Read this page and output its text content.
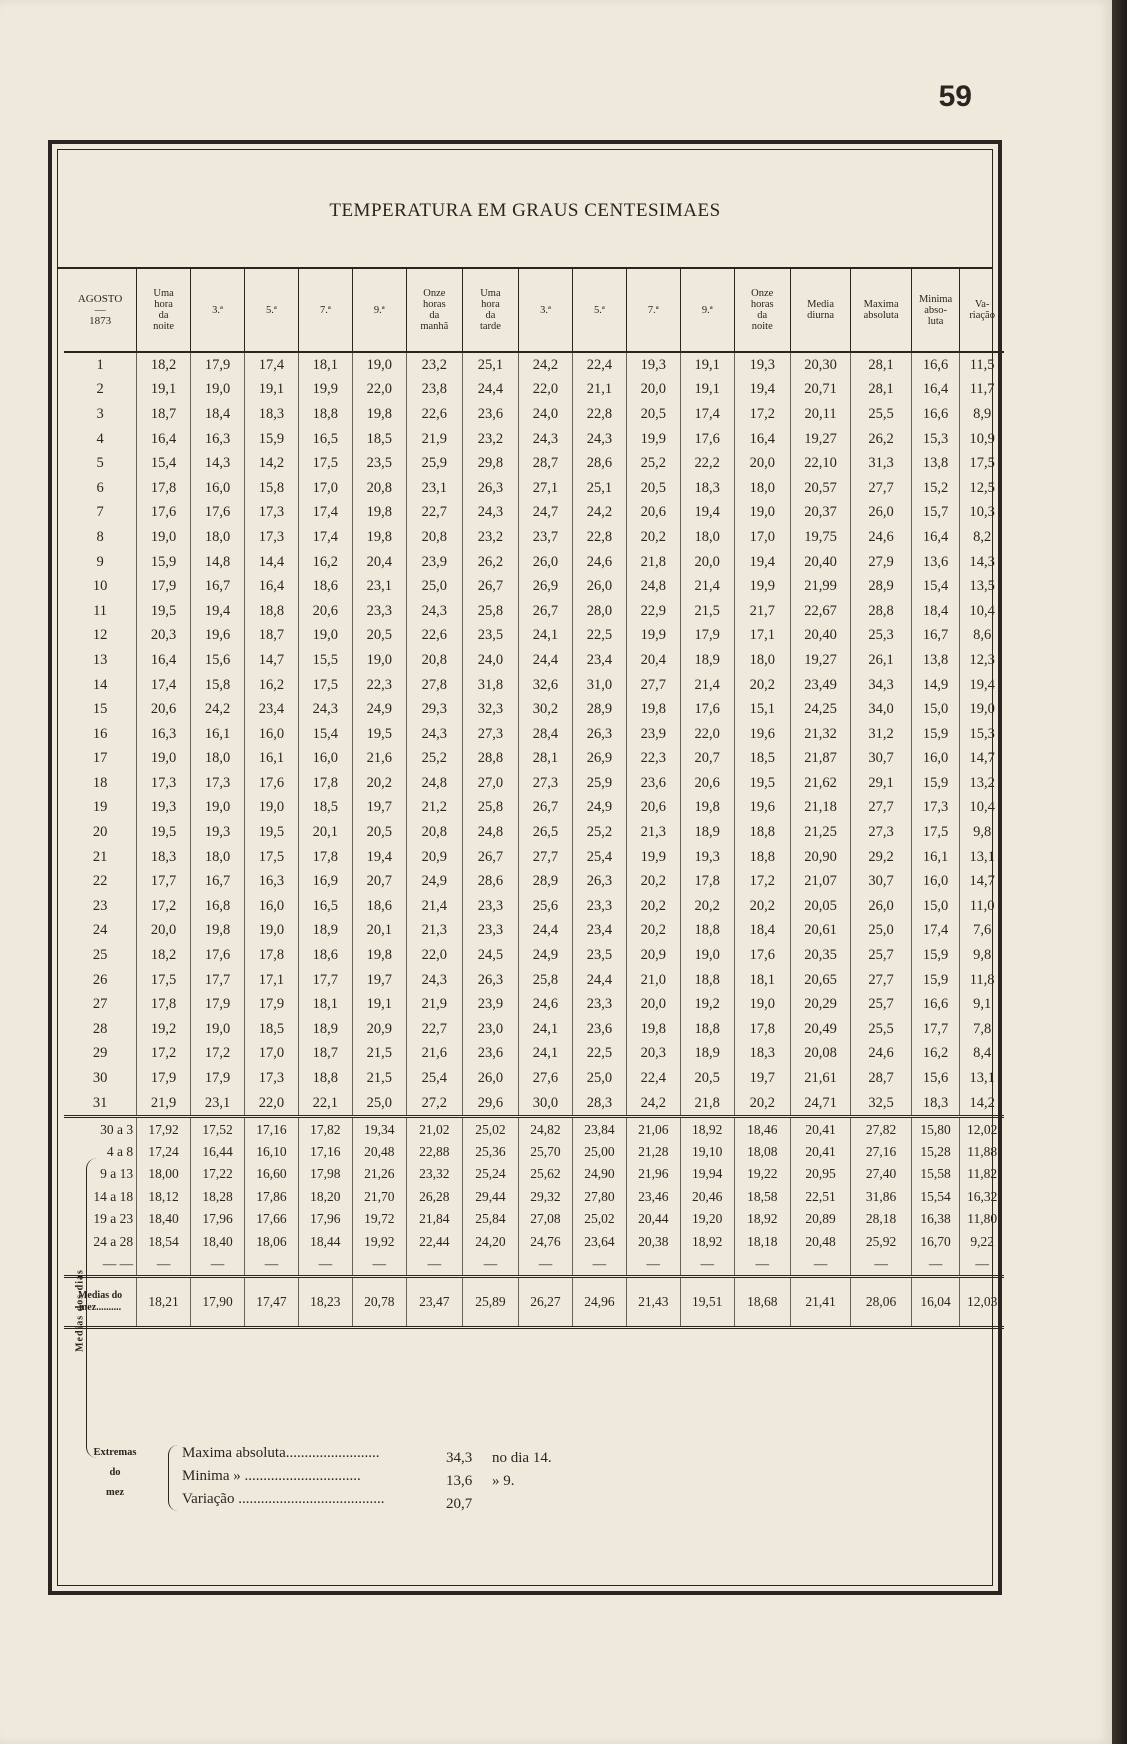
59
TEMPERATURA EM GRAUS CENTESIMAES
AGOSTO
—
1873	Uma
hora
da
noite	3.ª	5.ª	7.ª	9.ª	Onze
horas
da
manhã	Uma
hora
da
tarde	3.ª	5.ª	7.ª	9.ª	Onze
horas
da
noite	Media
diurna	Maxima
absoluta	Minima
abso-
luta	Va-
riação
1	18,2	17,9	17,4	18,1	19,0	23,2	25,1	24,2	22,4	19,3	19,1	19,3	20,30	28,1	16,6	11,5
2	19,1	19,0	19,1	19,9	22,0	23,8	24,4	22,0	21,1	20,0	19,1	19,4	20,71	28,1	16,4	11,7
3	18,7	18,4	18,3	18,8	19,8	22,6	23,6	24,0	22,8	20,5	17,4	17,2	20,11	25,5	16,6	8,9
4	16,4	16,3	15,9	16,5	18,5	21,9	23,2	24,3	24,3	19,9	17,6	16,4	19,27	26,2	15,3	10,9
5	15,4	14,3	14,2	17,5	23,5	25,9	29,8	28,7	28,6	25,2	22,2	20,0	22,10	31,3	13,8	17,5
6	17,8	16,0	15,8	17,0	20,8	23,1	26,3	27,1	25,1	20,5	18,3	18,0	20,57	27,7	15,2	12,5
7	17,6	17,6	17,3	17,4	19,8	22,7	24,3	24,7	24,2	20,6	19,4	19,0	20,37	26,0	15,7	10,3
8	19,0	18,0	17,3	17,4	19,8	20,8	23,2	23,7	22,8	20,2	18,0	17,0	19,75	24,6	16,4	8,2
9	15,9	14,8	14,4	16,2	20,4	23,9	26,2	26,0	24,6	21,8	20,0	19,4	20,40	27,9	13,6	14,3
10	17,9	16,7	16,4	18,6	23,1	25,0	26,7	26,9	26,0	24,8	21,4	19,9	21,99	28,9	15,4	13,5
11	19,5	19,4	18,8	20,6	23,3	24,3	25,8	26,7	28,0	22,9	21,5	21,7	22,67	28,8	18,4	10,4
12	20,3	19,6	18,7	19,0	20,5	22,6	23,5	24,1	22,5	19,9	17,9	17,1	20,40	25,3	16,7	8,6
13	16,4	15,6	14,7	15,5	19,0	20,8	24,0	24,4	23,4	20,4	18,9	18,0	19,27	26,1	13,8	12,3
14	17,4	15,8	16,2	17,5	22,3	27,8	31,8	32,6	31,0	27,7	21,4	20,2	23,49	34,3	14,9	19,4
15	20,6	24,2	23,4	24,3	24,9	29,3	32,3	30,2	28,9	19,8	17,6	15,1	24,25	34,0	15,0	19,0
16	16,3	16,1	16,0	15,4	19,5	24,3	27,3	28,4	26,3	23,9	22,0	19,6	21,32	31,2	15,9	15,3
17	19,0	18,0	16,1	16,0	21,6	25,2	28,8	28,1	26,9	22,3	20,7	18,5	21,87	30,7	16,0	14,7
18	17,3	17,3	17,6	17,8	20,2	24,8	27,0	27,3	25,9	23,6	20,6	19,5	21,62	29,1	15,9	13,2
19	19,3	19,0	19,0	18,5	19,7	21,2	25,8	26,7	24,9	20,6	19,8	19,6	21,18	27,7	17,3	10,4
20	19,5	19,3	19,5	20,1	20,5	20,8	24,8	26,5	25,2	21,3	18,9	18,8	21,25	27,3	17,5	9,8
21	18,3	18,0	17,5	17,8	19,4	20,9	26,7	27,7	25,4	19,9	19,3	18,8	20,90	29,2	16,1	13,1
22	17,7	16,7	16,3	16,9	20,7	24,9	28,6	28,9	26,3	20,2	17,8	17,2	21,07	30,7	16,0	14,7
23	17,2	16,8	16,0	16,5	18,6	21,4	23,3	25,6	23,3	20,2	20,2	20,2	20,05	26,0	15,0	11,0
24	20,0	19,8	19,0	18,9	20,1	21,3	23,3	24,4	23,4	20,2	18,8	18,4	20,61	25,0	17,4	7,6
25	18,2	17,6	17,8	18,6	19,8	22,0	24,5	24,9	23,5	20,9	19,0	17,6	20,35	25,7	15,9	9,8
26	17,5	17,7	17,1	17,7	19,7	24,3	26,3	25,8	24,4	21,0	18,8	18,1	20,65	27,7	15,9	11,8
27	17,8	17,9	17,9	18,1	19,1	21,9	23,9	24,6	23,3	20,0	19,2	19,0	20,29	25,7	16,6	9,1
28	19,2	19,0	18,5	18,9	20,9	22,7	23,0	24,1	23,6	19,8	18,8	17,8	20,49	25,5	17,7	7,8
29	17,2	17,2	17,0	18,7	21,5	21,6	23,6	24,1	22,5	20,3	18,9	18,3	20,08	24,6	16,2	8,4
30	17,9	17,9	17,3	18,8	21,5	25,4	26,0	27,6	25,0	22,4	20,5	19,7	21,61	28,7	15,6	13,1
31	21,9	23,1	22,0	22,1	25,0	27,2	29,6	30,0	28,3	24,2	21,8	20,2	24,71	32,5	18,3	14,2
30 a 3	17,92	17,52	17,16	17,82	19,34	21,02	25,02	24,82	23,84	21,06	18,92	18,46	20,41	27,82	15,80	12,02
4 a 8	17,24	16,44	16,10	17,16	20,48	22,88	25,36	25,70	25,00	21,28	19,10	18,08	20,41	27,16	15,28	11,88
9 a 13	18,00	17,22	16,60	17,98	21,26	23,32	25,24	25,62	24,90	21,96	19,94	19,22	20,95	27,40	15,58	11,82
14 a 18	18,12	18,28	17,86	18,20	21,70	26,28	29,44	29,32	27,80	23,46	20,46	18,58	22,51	31,86	15,54	16,32
19 a 23	18,40	17,96	17,66	17,96	19,72	21,84	25,84	27,08	25,02	20,44	19,20	18,92	20,89	28,18	16,38	11,80
24 a 28	18,54	18,40	18,06	18,44	19,92	22,44	24,20	24,76	23,64	20,38	18,92	18,18	20,48	25,92	16,70	9,22
— —	—	—	—	—	—	—	—	—	—	—	—	—	—	—	—	—

Medias do mez..........	18,21	17,90	17,47	18,23	20,78	23,47	25,89	26,27	24,96	21,43	19,51	18,68	21,41	28,06	16,04	12,03
Medias dos dias
Extremas
do
mez
Maxima absoluta.........................	34,3 no dia 14.
Minima » ...............................	13,6 » 9.
Variação .......................................	20,7
